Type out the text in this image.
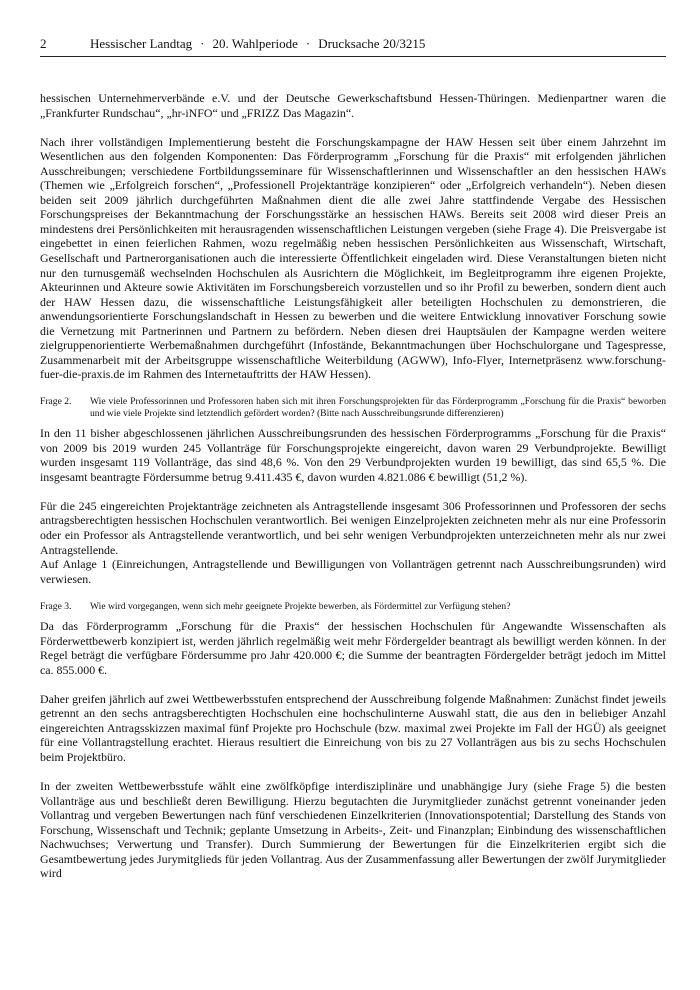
2	Hessischer Landtag · 20. Wahlperiode · Drucksache 20/3215

hessischen Unternehmerverbände e.V. und der Deutsche Gewerkschaftsbund Hessen-Thüringen. Medienpartner waren die „Frankfurter Rundschau“, „hr-iNFO“ und „FRIZZ Das Magazin“.

Nach ihrer vollständigen Implementierung besteht die Forschungskampagne der HAW Hessen seit über einem Jahrzehnt im Wesentlichen aus den folgenden Komponenten: Das Förderprogramm „Forschung für die Praxis“ mit erfolgenden jährlichen Ausschreibungen; verschiedene Fortbildungsseminare für Wissenschaftlerinnen und Wissenschaftler an den hessischen HAWs (Themen wie „Erfolgreich forschen“, „Professionell Projektanträge konzipieren“ oder „Erfolgreich verhandeln“). Neben diesen beiden seit 2009 jährlich durchgeführten Maßnahmen dient die alle zwei Jahre stattfindende Vergabe des Hessischen Forschungspreises der Bekanntmachung der Forschungsstärke an hessischen HAWs. Bereits seit 2008 wird dieser Preis an mindestens drei Persönlichkeiten mit herausragenden wissenschaftlichen Leistungen vergeben (siehe Frage 4). Die Preisvergabe ist eingebettet in einen feierlichen Rahmen, wozu regelmäßig neben hessischen Persönlichkeiten aus Wissenschaft, Wirtschaft, Gesellschaft und Partnerorganisationen auch die interessierte Öffentlichkeit eingeladen wird. Diese Veranstaltungen bieten nicht nur den turnusgemäß wechselnden Hochschulen als Ausrichtern die Möglichkeit, im Begleitprogramm ihre eigenen Projekte, Akteurinnen und Akteure sowie Aktivitäten im Forschungsbereich vorzustellen und so ihr Profil zu bewerben, sondern dient auch der HAW Hessen dazu, die wissenschaftliche Leistungsfähigkeit aller beteiligten Hochschulen zu demonstrieren, die anwendungsorientierte Forschungslandschaft in Hessen zu bewerben und die weitere Entwicklung innovativer Forschung sowie die Vernetzung mit Partnerinnen und Partnern zu befördern. Neben diesen drei Hauptsäulen der Kampagne werden weitere zielgruppenorientierte Werbemaßnahmen durchgeführt (Infostände, Bekanntmachungen über Hochschulorgane und Tagespresse, Zusammenarbeit mit der Arbeitsgruppe wissenschaftliche Weiterbildung (AGWW), Info-Flyer, Internetpräsenz www.forschung-fuer-die-praxis.de im Rahmen des Internetauftritts der HAW Hessen).

Frage 2.	Wie viele Professorinnen und Professoren haben sich mit ihren Forschungsprojekten für das Förderprogramm „Forschung für die Praxis“ beworben und wie viele Projekte sind letztendlich gefördert worden? (Bitte nach Ausschreibungsrunde differenzieren)

In den 11 bisher abgeschlossenen jährlichen Ausschreibungsrunden des hessischen Förderprogramms „Forschung für die Praxis“ von 2009 bis 2019 wurden 245 Vollanträge für Forschungsprojekte eingereicht, davon waren 29 Verbundprojekte. Bewilligt wurden insgesamt 119 Vollanträge, das sind 48,6 %. Von den 29 Verbundprojekten wurden 19 bewilligt, das sind 65,5 %. Die insgesamt beantragte Fördersumme betrug 9.411.435 €, davon wurden 4.821.086 € bewilligt (51,2 %).

Für die 245 eingereichten Projektanträge zeichneten als Antragstellende insgesamt 306 Professorinnen und Professoren der sechs antragsberechtigten hessischen Hochschulen verantwortlich. Bei wenigen Einzelprojekten zeichneten mehr als nur eine Professorin oder ein Professor als Antragstellende verantwortlich, und bei sehr wenigen Verbundprojekten unterzeichneten mehr als nur zwei Antragstellende.

Auf Anlage 1 (Einreichungen, Antragstellende und Bewilligungen von Vollanträgen getrennt nach Ausschreibungsrunden) wird verwiesen.

Frage 3.	Wie wird vorgegangen, wenn sich mehr geeignete Projekte bewerben, als Fördermittel zur Verfügung stehen?

Da das Förderprogramm „Forschung für die Praxis“ der hessischen Hochschulen für Angewandte Wissenschaften als Förderwettbewerb konzipiert ist, werden jährlich regelmäßig weit mehr Fördergelder beantragt als bewilligt werden können. In der Regel beträgt die verfügbare Fördersumme pro Jahr 420.000 €; die Summe der beantragten Fördergelder beträgt jedoch im Mittel ca. 855.000 €.

Daher greifen jährlich auf zwei Wettbewerbsstufen entsprechend der Ausschreibung folgende Maßnahmen: Zunächst findet jeweils getrennt an den sechs antragsberechtigten Hochschulen eine hochschulinterne Auswahl statt, die aus den in beliebiger Anzahl eingereichten Antragsskizzen maximal fünf Projekte pro Hochschule (bzw. maximal zwei Projekte im Fall der HGÜ) als geeignet für eine Vollantragstellung erachtet. Hieraus resultiert die Einreichung von bis zu 27 Vollanträgen aus bis zu sechs Hochschulen beim Projektbüro.

In der zweiten Wettbewerbsstufe wählt eine zwölfköpfige interdisziplinäre und unabhängige Jury (siehe Frage 5) die besten Vollanträge aus und beschließt deren Bewilligung. Hierzu begutachten die Jurymitglieder zunächst getrennt voneinander jeden Vollantrag und vergeben Bewertungen nach fünf verschiedenen Einzelkriterien (Innovationspotential; Darstellung des Stands von Forschung, Wissenschaft und Technik; geplante Umsetzung in Arbeits-, Zeit- und Finanzplan; Einbindung des wissenschaftlichen Nachwuchses; Verwertung und Transfer). Durch Summierung der Bewertungen für die Einzelkriterien ergibt sich die Gesamtbewertung jedes Jurymitglieds für jeden Vollantrag. Aus der Zusammenfassung aller Bewertungen der zwölf Jurymitglieder wird
